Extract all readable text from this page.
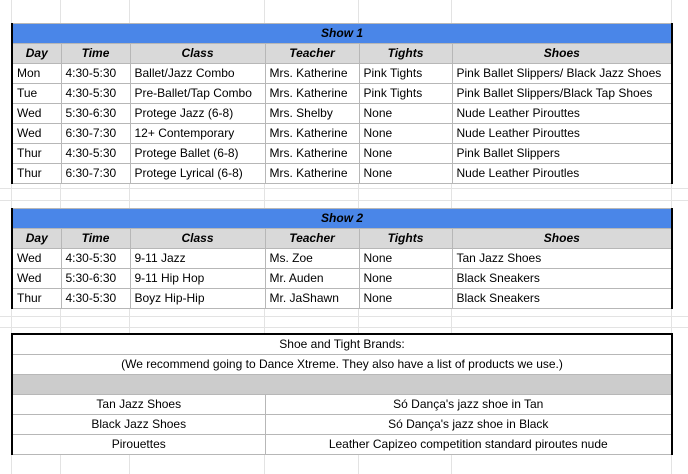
Show 1					
Day	Time	Class	Teacher	Tights	Shoes
Mon	4:30-5:30	Ballet/Jazz Combo	Mrs. Katherine	Pink Tights	Pink Ballet Slippers/ Black Jazz Shoes
Tue	4:30-5:30	Pre-Ballet/Tap Combo	Mrs. Katherine	Pink Tights	Pink Ballet Slippers/Black Tap Shoes
Wed	5:30-6:30	Protege Jazz (6-8)	Mrs. Shelby	None	Nude Leather Pirouttes
Wed	6:30-7:30	12+ Contemporary	Mrs. Katherine	None	Nude Leather Pirouttes
Thur	4:30-5:30	Protege Ballet (6-8)	Mrs. Katherine	None	Pink Ballet Slippers
Thur	6:30-7:30	Protege Lyrical (6-8)	Mrs. Katherine	None	Nude Leather Piroutles
Show 2					
Day	Time	Class	Teacher	Tights	Shoes
Wed	4:30-5:30	9-11 Jazz	Ms. Zoe	None	Tan Jazz Shoes
Wed	5:30-6:30	9-11 Hip Hop	Mr. Auden	None	Black Sneakers
Thur	4:30-5:30	Boyz Hip-Hip	Mr. JaShawn	None	Black Sneakers
Shoe and Tight Brands:	
(We recommend going to Dance Xtreme. They also have a list of products we use.)	

Tan Jazz Shoes	Só Dança's jazz shoe in Tan
Black Jazz Shoes	Só Dança's jazz shoe in Black
Pirouettes	Leather Capizeo competition standard piroutes nude
